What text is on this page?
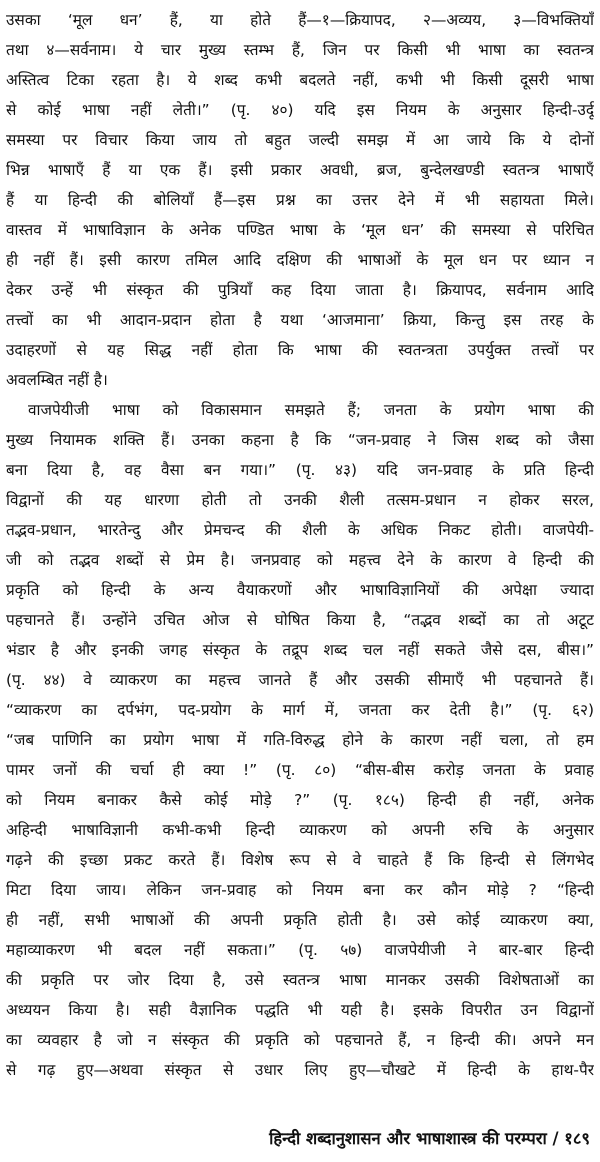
उसका ‘मूल धन’ हैं, या होते हैं—१—क्रियापद, २—अव्यय, ३—विभक्तियाँ
तथा ४—सर्वनाम। ये चार मुख्य स्तम्भ हैं, जिन पर किसी भी भाषा का स्वतन्त्र
अस्तित्व टिका रहता है। ये शब्द कभी बदलते नहीं, कभी भी किसी दूसरी भाषा
से कोई भाषा नहीं लेती।” (पृ. ४०) यदि इस नियम के अनुसार हिन्दी-उर्दू
समस्या पर विचार किया जाय तो बहुत जल्दी समझ में आ जाये कि ये दोनों
भिन्न भाषाएँ हैं या एक हैं। इसी प्रकार अवधी, ब्रज, बुन्देलखण्डी स्वतन्त्र भाषाएँ
हैं या हिन्दी की बोलियाँ हैं—इस प्रश्न का उत्तर देने में भी सहायता मिले।
वास्तव में भाषाविज्ञान के अनेक पण्डित भाषा के ‘मूल धन’ की समस्या से परिचित
ही नहीं हैं। इसी कारण तमिल आदि दक्षिण की भाषाओं के मूल धन पर ध्यान न
देकर उन्हें भी संस्कृत की पुत्रियाँ कह दिया जाता है। क्रियापद, सर्वनाम आदि
तत्त्वों का भी आदान-प्रदान होता है यथा ‘आजमाना’ क्रिया, किन्तु इस तरह के
उदाहरणों से यह सिद्ध नहीं होता कि भाषा की स्वतन्त्रता उपर्युक्त तत्त्वों पर
अवलम्बित नहीं है।
वाजपेयीजी भाषा को विकासमान समझते हैं; जनता के प्रयोग भाषा की
मुख्य नियामक शक्ति हैं। उनका कहना है कि “जन-प्रवाह ने जिस शब्द को जैसा
बना दिया है, वह वैसा बन गया।” (पृ. ४३) यदि जन-प्रवाह के प्रति हिन्दी
विद्वानों की यह धारणा होती तो उनकी शैली तत्सम-प्रधान न होकर सरल,
तद्भव-प्रधान, भारतेन्दु और प्रेमचन्द की शैली के अधिक निकट होती। वाजपेयी-
जी को तद्भव शब्दों से प्रेम है। जनप्रवाह को महत्त्व देने के कारण वे हिन्दी की
प्रकृति को हिन्दी के अन्य वैयाकरणों और भाषाविज्ञानियों की अपेक्षा ज्यादा
पहचानते हैं। उन्होंने उचित ओज से घोषित किया है, “तद्भव शब्दों का तो अटूट
भंडार है और इनकी जगह संस्कृत के तद्रूप शब्द चल नहीं सकते जैसे दस, बीस।”
(पृ. ४४) वे व्याकरण का महत्त्व जानते हैं और उसकी सीमाएँ भी पहचानते हैं।
“व्याकरण का दर्पभंग, पद-प्रयोग के मार्ग में, जनता कर देती है।” (पृ. ६२)
“जब पाणिनि का प्रयोग भाषा में गति-विरुद्ध होने के कारण नहीं चला, तो हम
पामर जनों की चर्चा ही क्या !” (पृ. ८०) “बीस-बीस करोड़ जनता के प्रवाह
को नियम बनाकर कैसे कोई मोड़े ?” (पृ. १८५) हिन्दी ही नहीं, अनेक
अहिन्दी भाषाविज्ञानी कभी-कभी हिन्दी व्याकरण को अपनी रुचि के अनुसार
गढ़ने की इच्छा प्रकट करते हैं। विशेष रूप से वे चाहते हैं कि हिन्दी से लिंगभेद
मिटा दिया जाय। लेकिन जन-प्रवाह को नियम बना कर कौन मोड़े ? “हिन्दी
ही नहीं, सभी भाषाओं की अपनी प्रकृति होती है। उसे कोई व्याकरण क्या,
महाव्याकरण भी बदल नहीं सकता।” (पृ. ५७) वाजपेयीजी ने बार-बार हिन्दी
की प्रकृति पर जोर दिया है, उसे स्वतन्त्र भाषा मानकर उसकी विशेषताओं का
अध्ययन किया है। सही वैज्ञानिक पद्धति भी यही है। इसके विपरीत उन विद्वानों
का व्यवहार है जो न संस्कृत की प्रकृति को पहचानते हैं, न हिन्दी की। अपने मन
से गढ़ हुए—अथवा संस्कृत से उधार लिए हुए—चौखटे में हिन्दी के हाथ-पैर
हिन्दी शब्दानुशासन और भाषाशास्त्र की परम्परा / १८९
